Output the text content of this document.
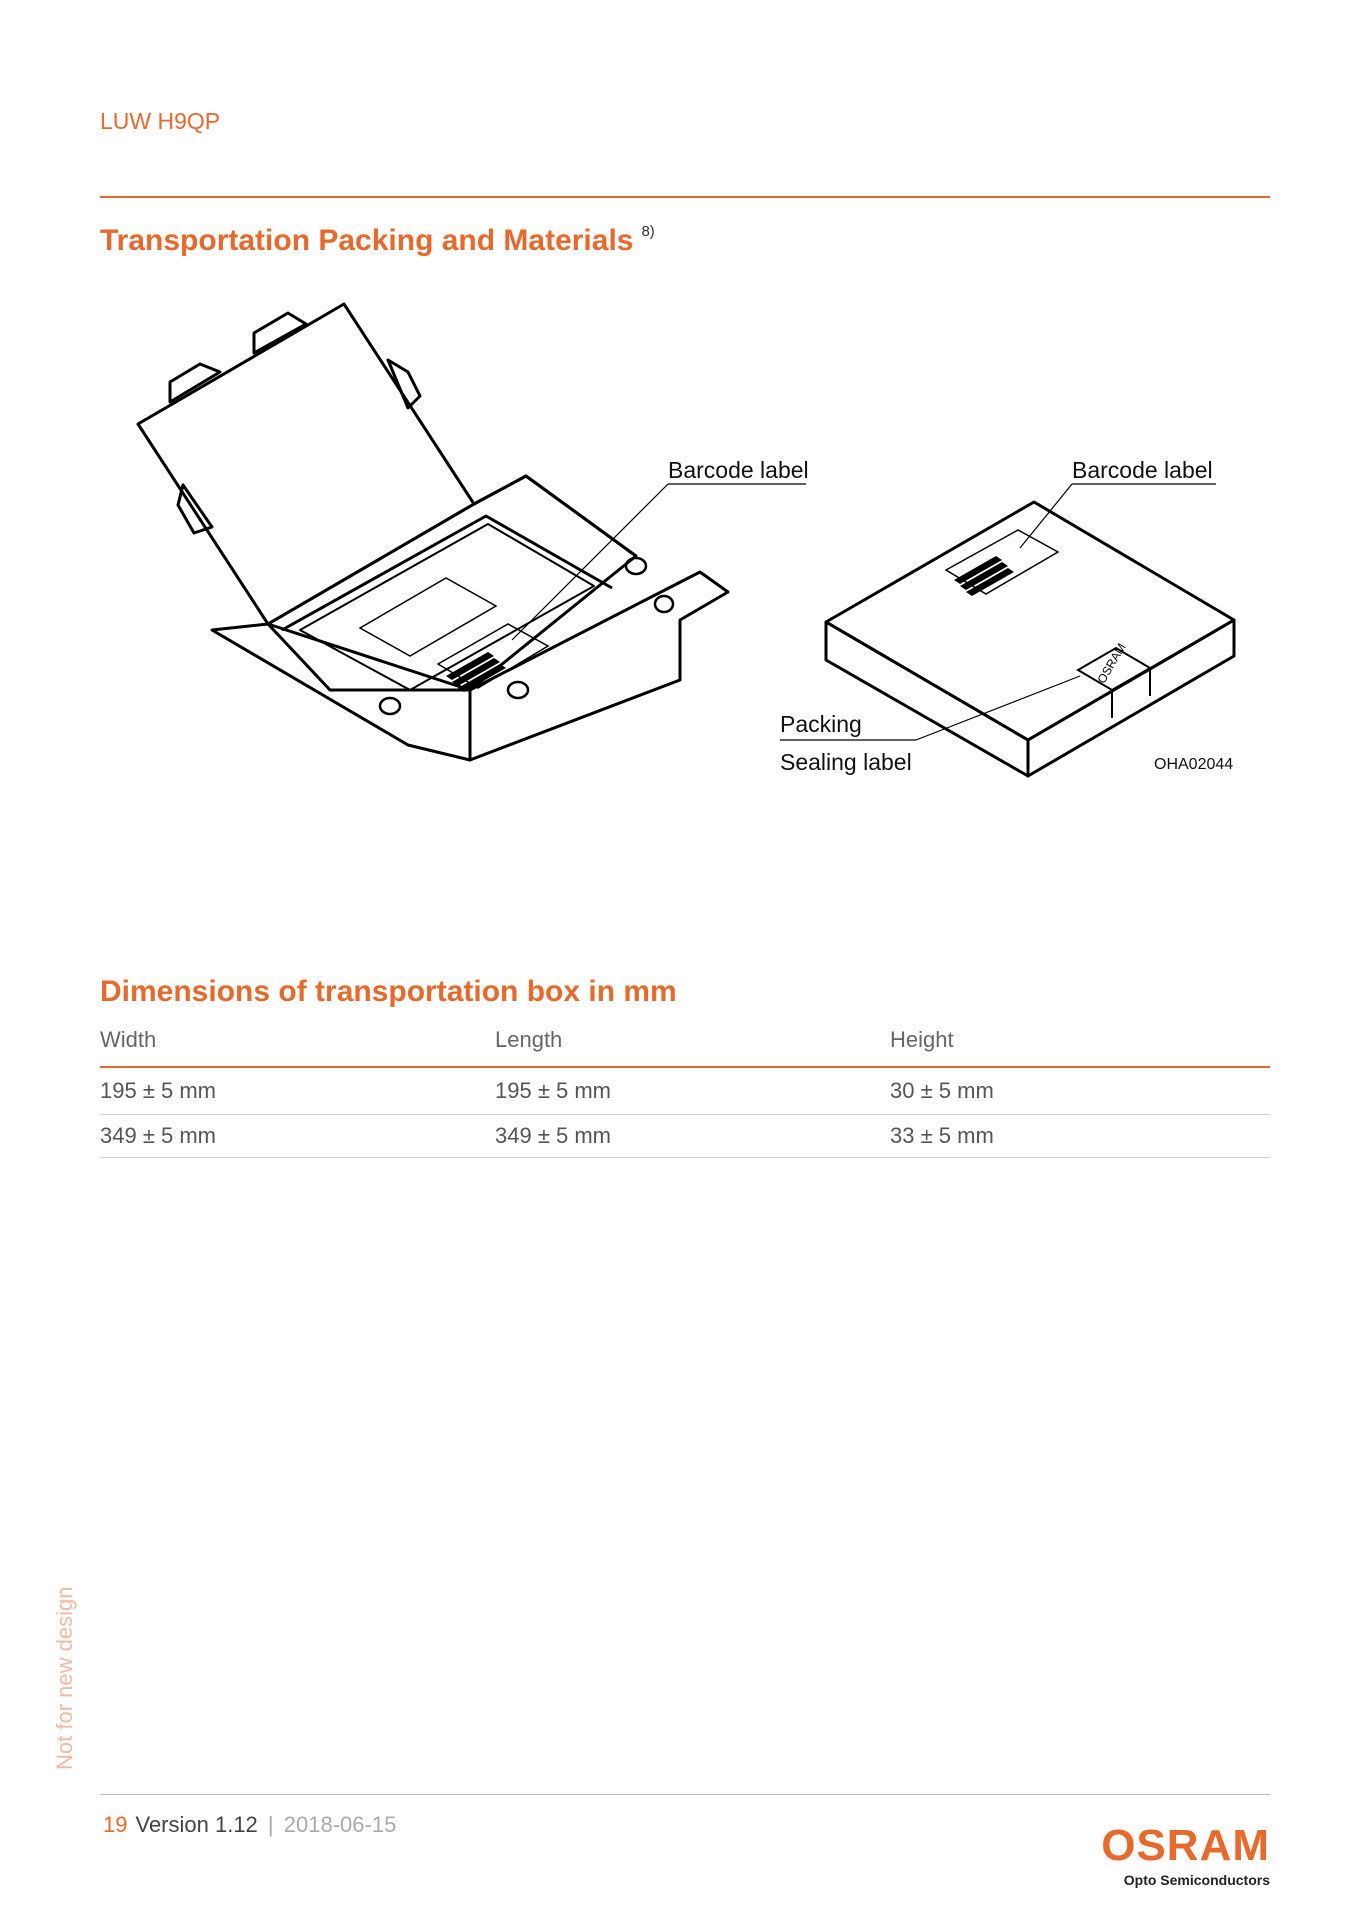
LUW H9QP
Transportation Packing and Materials $^{8)}$
OSRAM
Barcode label	Barcode label
Packing
Sealing label	OHA02044
Dimensions of transportation box in mm
Width	Length	Height
195 ± 5 mm	195 ± 5 mm	30 ± 5 mm
349 ± 5 mm	349 ± 5 mm	33 ± 5 mm
Not for new design
19 Version 1.12 | 2018-06-15	OSRAM
Opto Semiconductors
